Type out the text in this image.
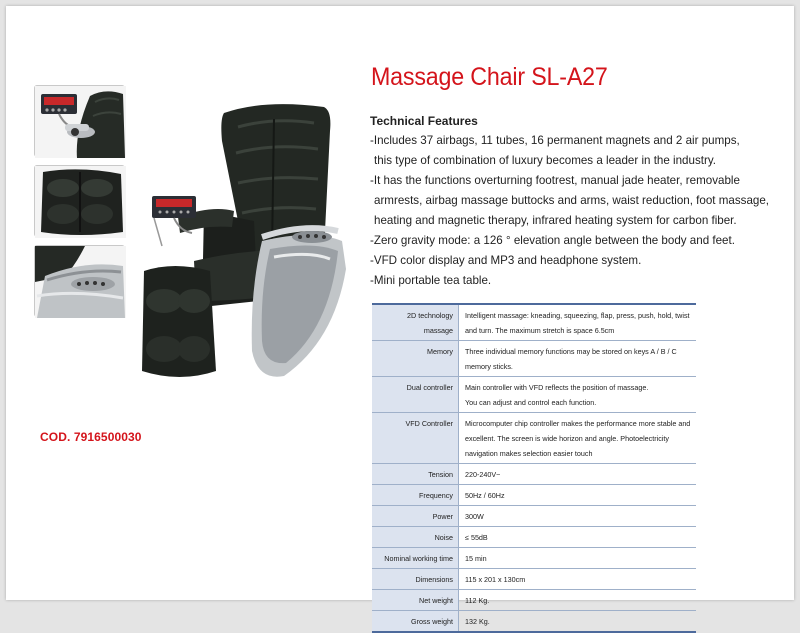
COD. 7916500030
Massage Chair SL-A27
Technical Features
-Includes 37 airbags, 11 tubes, 16 permanent magnets and 2 air pumps,
this type of combination of luxury becomes a leader in the industry.
-It has the functions overturning footrest, manual jade heater, removable
armrests, airbag massage buttocks and arms, waist reduction, foot massage,
heating and magnetic therapy, infrared heating system for carbon fiber.
-Zero gravity mode: a 126 ° elevation angle between the body and feet.
-VFD color display and MP3 and headphone system.
-Mini portable tea table.
2D technology
massage
Intelligent massage: kneading, squeezing, flap, press, push, hold, twist
and turn. The maximum stretch is space 6.5cm
Memory Three individual memory functions may be stored on keys A / B / C
memory sticks.
Dual controller Main controller with VFD reflects the position of massage.
You can adjust and control each function.
VFD Controller Microcomputer chip controller makes the performance more stable and
excellent. The screen is wide horizon and angle. Photoelectricity
navigation makes selection easier touch
Tension 220-240V~
Frequency 50Hz / 60Hz
Power 300W
Noise ≤ 55dB
Nominal working time 15 min
Dimensions 115 x 201 x 130cm
Net weight 112 Kg.
Gross weight 132 Kg.
